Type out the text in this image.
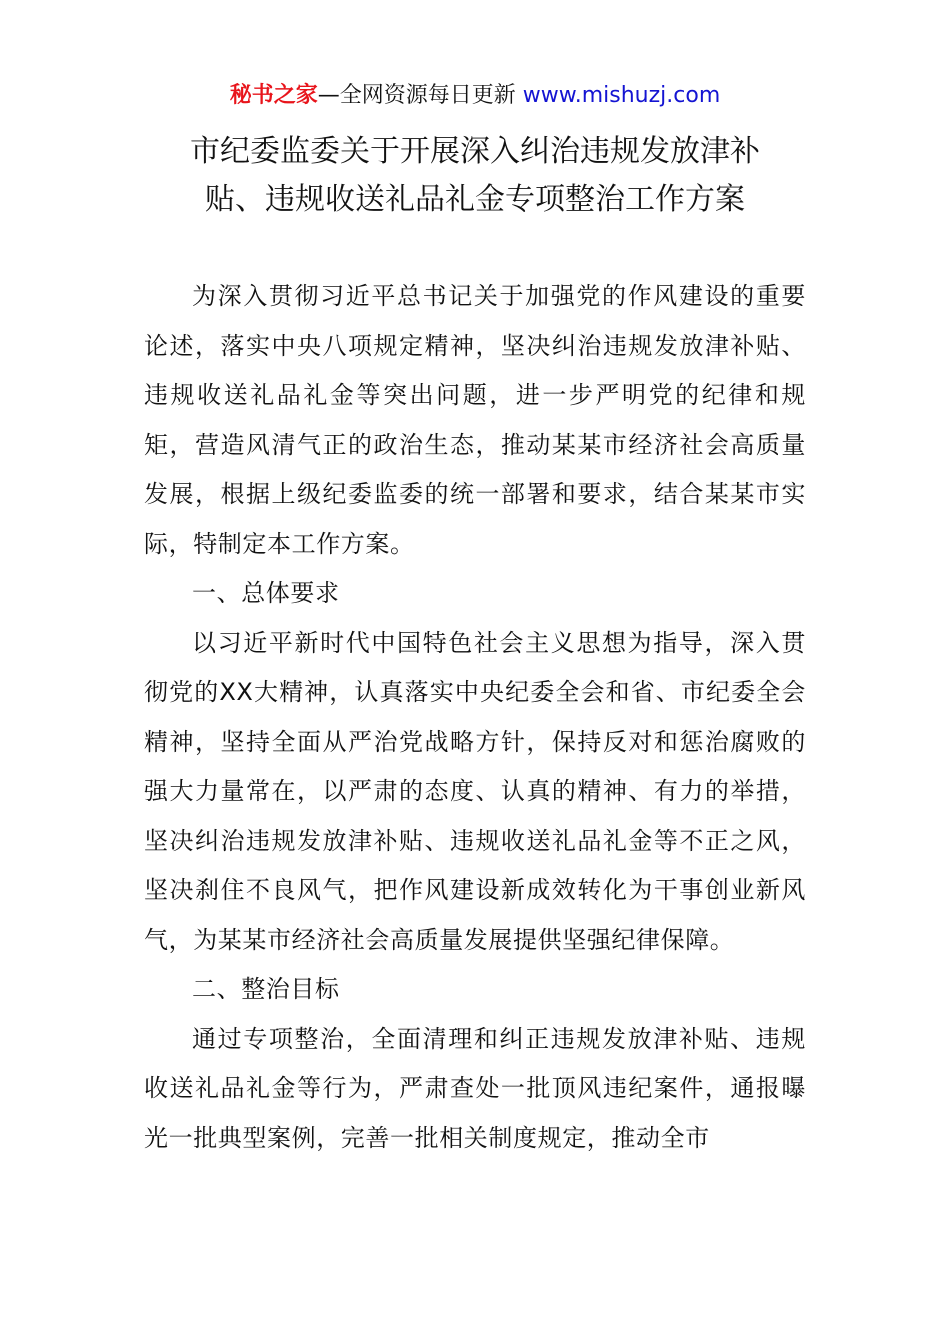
秘书之家—全网资源每日更新 www.mishuzj.com
市纪委监委关于开展深入纠治违规发放津补
贴、违规收送礼品礼金专项整治工作方案

为深入贯彻习近平总书记关于加强党的作风建设的重要论述，落实中央八项规定精神，坚决纠治违规发放津补贴、违规收送礼品礼金等突出问题，进一步严明党的纪律和规矩，营造风清气正的政治生态，推动某某市经济社会高质量发展，根据上级纪委监委的统一部署和要求，结合某某市实际，特制定本工作方案。

一、总体要求

以习近平新时代中国特色社会主义思想为指导，深入贯彻党的XX大精神，认真落实中央纪委全会和省、市纪委全会精神，坚持全面从严治党战略方针，保持反对和惩治腐败的强大力量常在，以严肃的态度、认真的精神、有力的举措，坚决纠治违规发放津补贴、违规收送礼品礼金等不正之风，坚决刹住不良风气，把作风建设新成效转化为干事创业新风气，为某某市经济社会高质量发展提供坚强纪律保障。

二、整治目标

通过专项整治，全面清理和纠正违规发放津补贴、违规收送礼品礼金等行为，严肃查处一批顶风违纪案件，通报曝光一批典型案例，完善一批相关制度规定，推动全市
